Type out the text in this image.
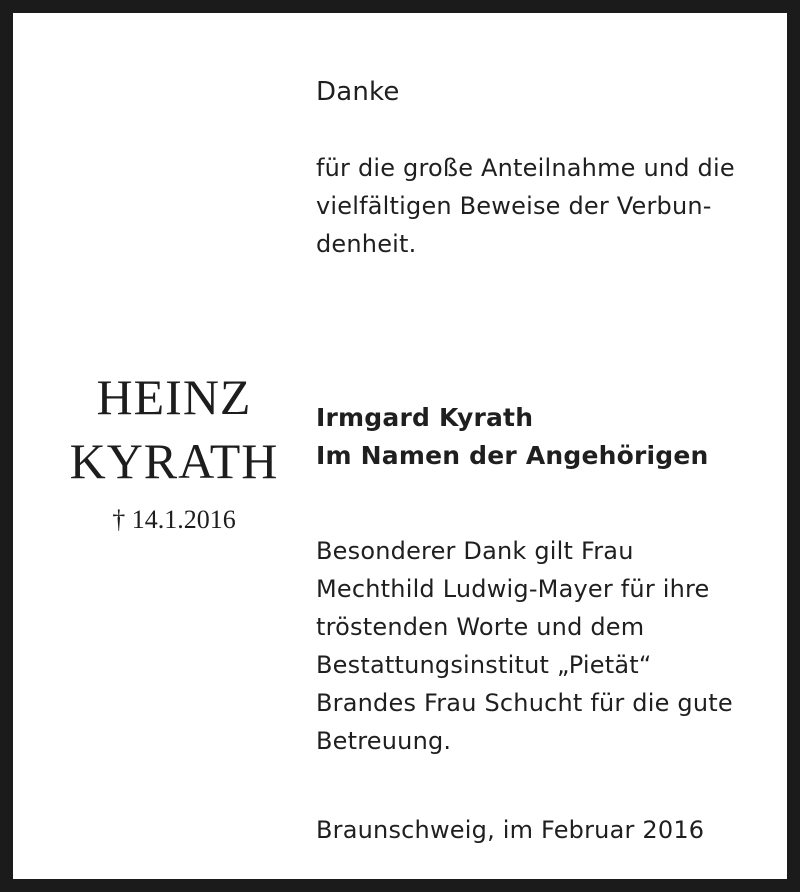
HEINZ
KYRATH
† 14.1.2016
Danke
für die große Anteilnahme und die
vielfältigen Beweise der Verbun-
denheit.
Irmgard Kyrath
Im Namen der Angehörigen
Besonderer Dank gilt Frau
Mechthild Ludwig-Mayer für ihre
tröstenden Worte und dem
Bestattungsinstitut „Pietät“
Brandes Frau Schucht für die gute
Betreuung.
Braunschweig, im Februar 2016
